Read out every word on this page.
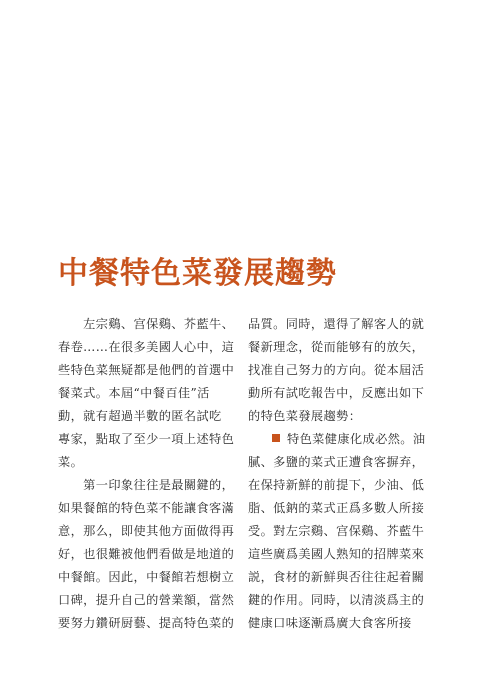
中餐特色菜發展趨勢
　　左宗鷄、宫保鷄、芥藍牛、
春卷……在很多美國人心中，這
些特色菜無疑都是他們的首選中
餐菜式。本屆“中餐百佳”活
動，就有超過半數的匿名試吃
專家，點取了至少一項上述特色
菜。
　　第一印象往往是最關鍵的，
如果餐館的特色菜不能讓食客滿
意，那么，即使其他方面做得再
好，也很難被他們看做是地道的
中餐館。因此，中餐館若想樹立
口碑，提升自己的營業額，當然
要努力鑽研厨藝、提高特色菜的
品質。同時，還得了解客人的就
餐新理念，從而能够有的放矢，
找准自己努力的方向。從本屆活
動所有試吃報告中，反應出如下
的特色菜發展趨勢：
特色菜健康化成必然。油
膩、多鹽的菜式正遭食客摒弃，
在保持新鮮的前提下，少油、低
脂、低鈉的菜式正爲多數人所接
受。對左宗鷄、宫保鷄、芥藍牛
這些廣爲美國人熟知的招牌菜來
説，食材的新鮮與否往往起着關
鍵的作用。同時，以清淡爲主的
健康口味逐漸爲廣大食客所接
